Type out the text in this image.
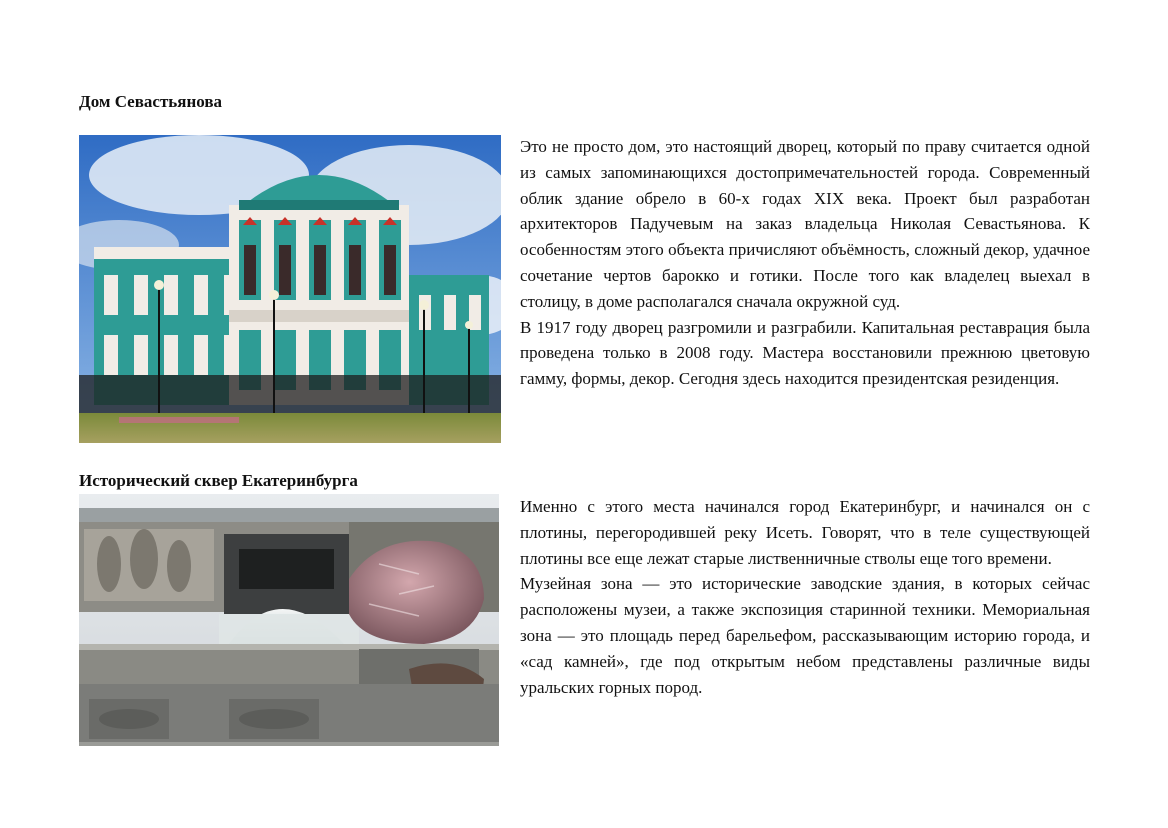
Дом Севастьянова

Это не просто дом, это настоящий дворец, который по праву считается одной из самых запоминающихся достопримечательностей города. Современный облик здание обрело в 60-х годах XIX века. Проект был разработан архитекторов Падучевым на заказ владельца Николая Севастьянова. К особенностям этого объекта причисляют объёмность, сложный декор, удачное сочетание чертов барокко и готики. После того как владелец выехал в столицу, в доме располагался сначала окружной суд.

В 1917 году дворец разгромили и разграбили. Капитальная реставрация была проведена только в 2008 году. Мастера восстановили прежнюю цветовую гамму, формы, декор. Сегодня здесь находится президентская резиденция.

Исторический сквер Екатеринбурга

Именно с этого места начинался город Екатеринбург, и начинался он с плотины, перегородившей реку Исеть. Говорят, что в теле существующей плотины все еще лежат старые лиственничные стволы еще того времени.

Музейная зона — это исторические заводские здания, в которых сейчас расположены музеи, а также экспозиция старинной техники. Мемориальная зона — это площадь перед барельефом, рассказывающим историю города, и «сад камней», где под открытым небом представлены различные виды уральских горных пород.
